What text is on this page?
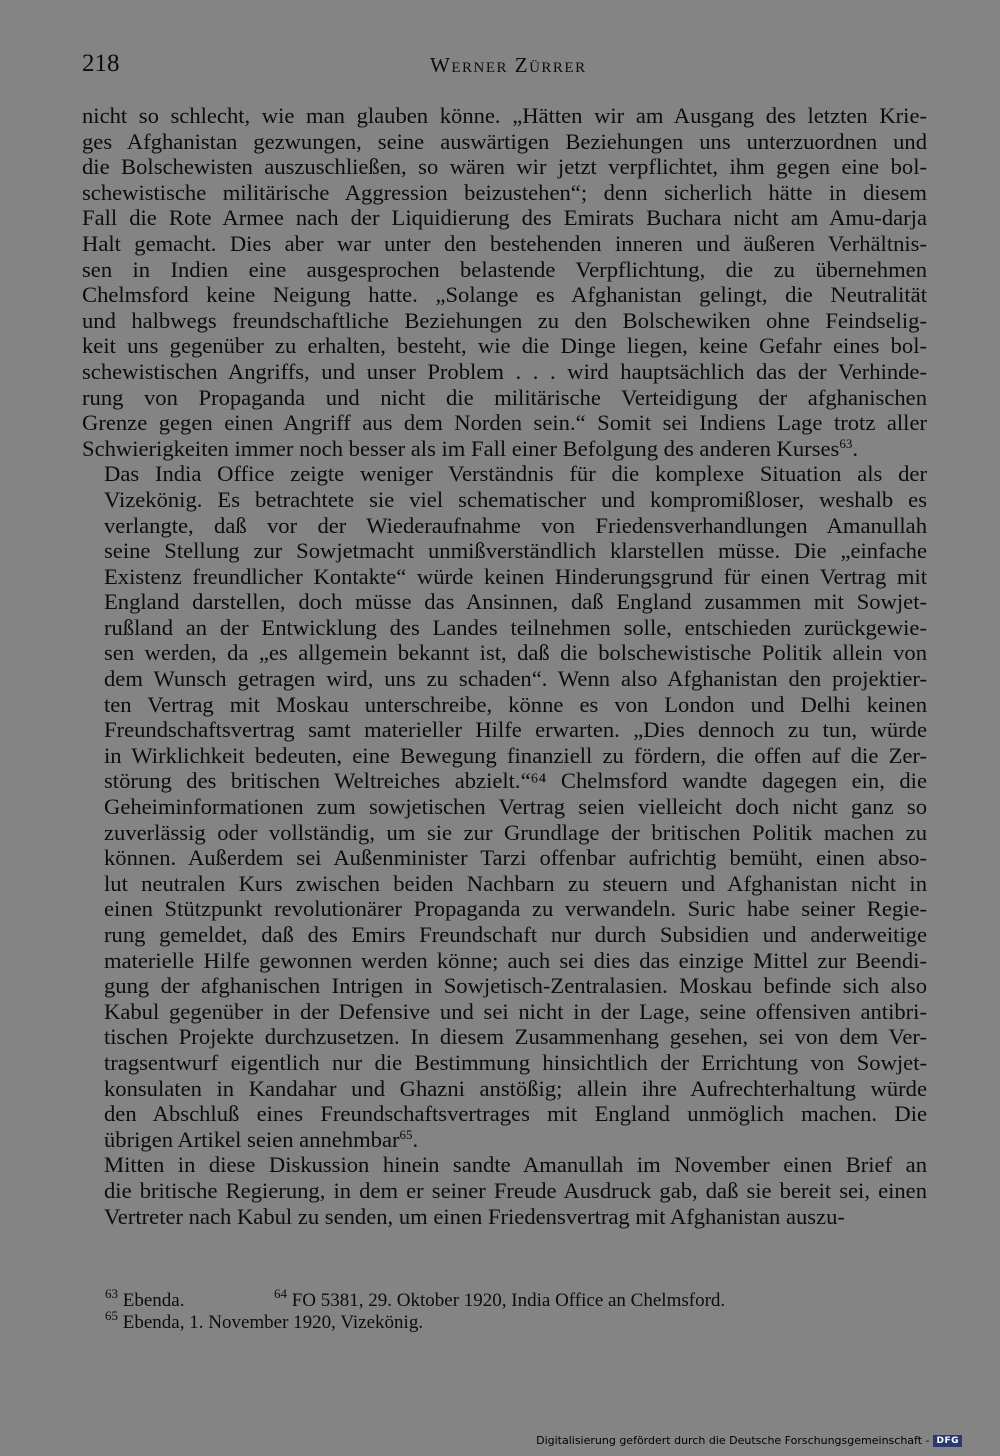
218	Werner Zürrer
nicht so schlecht, wie man glauben könne. „Hätten wir am Ausgang des letzten Krie-
ges Afghanistan gezwungen, seine auswärtigen Beziehungen uns unterzuordnen und
die Bolschewisten auszuschließen, so wären wir jetzt verpflichtet, ihm gegen eine bol-
schewistische militärische Aggression beizustehen“; denn sicherlich hätte in diesem
Fall die Rote Armee nach der Liquidierung des Emirats Buchara nicht am Amu-darja
Halt gemacht. Dies aber war unter den bestehenden inneren und äußeren Verhältnis-
sen in Indien eine ausgesprochen belastende Verpflichtung, die zu übernehmen
Chelmsford keine Neigung hatte. „Solange es Afghanistan gelingt, die Neutralität
und halbwegs freundschaftliche Beziehungen zu den Bolschewiken ohne Feindselig-
keit uns gegenüber zu erhalten, besteht, wie die Dinge liegen, keine Gefahr eines bol-
schewistischen Angriffs, und unser Problem . . . wird hauptsächlich das der Verhinde-
rung von Propaganda und nicht die militärische Verteidigung der afghanischen
Grenze gegen einen Angriff aus dem Norden sein.“ Somit sei Indiens Lage trotz aller
Schwierigkeiten immer noch besser als im Fall einer Befolgung des anderen Kurses$^{63}$.
Das India Office zeigte weniger Verständnis für die komplexe Situation als der
Vizekönig. Es betrachtete sie viel schematischer und kompromißloser, weshalb es
verlangte, daß vor der Wiederaufnahme von Friedensverhandlungen Amanullah
seine Stellung zur Sowjetmacht unmißverständlich klarstellen müsse. Die „einfache
Existenz freundlicher Kontakte“ würde keinen Hinderungsgrund für einen Vertrag mit
England darstellen, doch müsse das Ansinnen, daß England zusammen mit Sowjet-
rußland an der Entwicklung des Landes teilnehmen solle, entschieden zurückgewie-
sen werden, da „es allgemein bekannt ist, daß die bolschewistische Politik allein von
dem Wunsch getragen wird, uns zu schaden“. Wenn also Afghanistan den projektier-
ten Vertrag mit Moskau unterschreibe, könne es von London und Delhi keinen
Freundschaftsvertrag samt materieller Hilfe erwarten. „Dies dennoch zu tun, würde
in Wirklichkeit bedeuten, eine Bewegung finanziell zu fördern, die offen auf die Zer-
störung des britischen Weltreiches abzielt.“⁶⁴ Chelmsford wandte dagegen ein, die
Geheiminformationen zum sowjetischen Vertrag seien vielleicht doch nicht ganz so
zuverlässig oder vollständig, um sie zur Grundlage der britischen Politik machen zu
können. Außerdem sei Außenminister Tarzi offenbar aufrichtig bemüht, einen abso-
lut neutralen Kurs zwischen beiden Nachbarn zu steuern und Afghanistan nicht in
einen Stützpunkt revolutionärer Propaganda zu verwandeln. Suric habe seiner Regie-
rung gemeldet, daß des Emirs Freundschaft nur durch Subsidien und anderweitige
materielle Hilfe gewonnen werden könne; auch sei dies das einzige Mittel zur Beendi-
gung der afghanischen Intrigen in Sowjetisch-Zentralasien. Moskau befinde sich also
Kabul gegenüber in der Defensive und sei nicht in der Lage, seine offensiven antibri-
tischen Projekte durchzusetzen. In diesem Zusammenhang gesehen, sei von dem Ver-
tragsentwurf eigentlich nur die Bestimmung hinsichtlich der Errichtung von Sowjet-
konsulaten in Kandahar und Ghazni anstößig; allein ihre Aufrechterhaltung würde
den Abschluß eines Freundschaftsvertrages mit England unmöglich machen. Die
übrigen Artikel seien annehmbar$^{65}$.
Mitten in diese Diskussion hinein sandte Amanullah im November einen Brief an
die britische Regierung, in dem er seiner Freude Ausdruck gab, daß sie bereit sei, einen
Vertreter nach Kabul zu senden, um einen Friedensvertrag mit Afghanistan auszu-
$^{63}$ Ebenda.	$^{64}$ FO 5381, 29. Oktober 1920, India Office an Chelmsford.
$^{65}$ Ebenda, 1. November 1920, Vizekönig.
Digitalisierung gefördert durch die Deutsche Forschungsgemeinschaft - DFG
